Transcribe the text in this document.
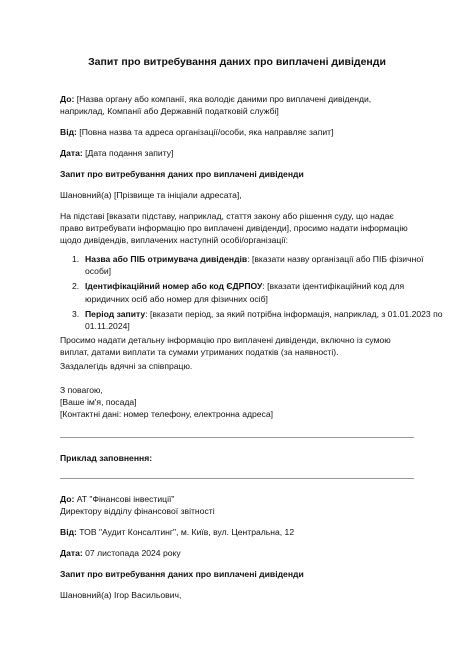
Запит про витребування даних про виплачені дивіденди

До: [Назва органу або компанії, яка володіє даними про виплачені дивіденди, наприклад, Компанії або Державній податковій службі]

Від: [Повна назва та адреса організації/особи, яка направляє запит]

Дата: [Дата подання запиту]

Запит про витребування даних про виплачені дивіденди

Шановний(а) [Прізвище та ініціали адресата],

На підставі [вказати підставу, наприклад, стаття закону або рішення суду, що надає право витребувати інформацію про виплачені дивіденди], просимо надати інформацію щодо дивідендів, виплачених наступній особі/організації:

1. Назва або ПІБ отримувача дивідендів: [вказати назву організації або ПІБ фізичної особи]
2. Ідентифікаційний номер або код ЄДРПОУ: [вказати ідентифікаційний код для юридичних осіб або номер для фізичних осіб]
3. Період запиту: [вказати період, за який потрібна інформація, наприклад, з 01.01.2023 по 01.11.2024]

Просимо надати детальну інформацію про виплачені дивіденди, включно із сумою виплат, датами виплати та сумами утриманих податків (за наявності).

Заздалегідь вдячні за співпрацю.

З повагою,

[Ваше ім'я, посада]

[Контактні дані: номер телефону, електронна адреса]

Приклад заповнення:

До: АТ "Фінансові інвестиції"

Директору відділу фінансової звітності

Від: ТОВ "Аудит Консалтинг", м. Київ, вул. Центральна, 12

Дата: 07 листопада 2024 року

Запит про витребування даних про виплачені дивіденди

Шановний(а) Ігор Васильович,
